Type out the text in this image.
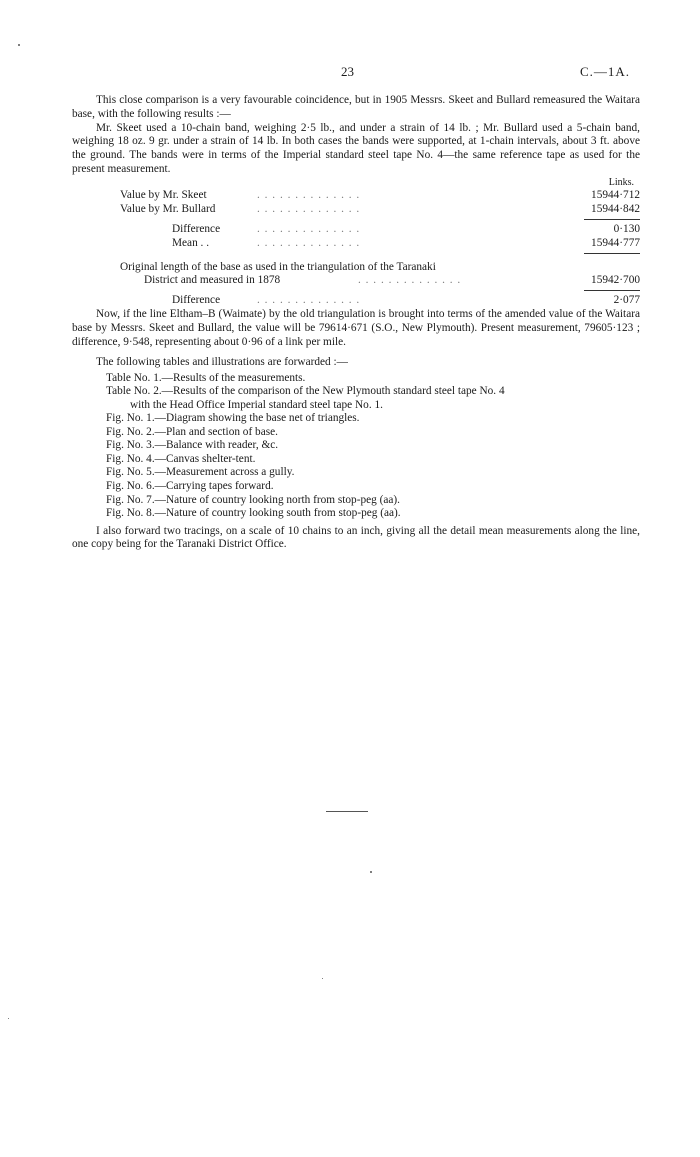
23	C.—1A.

This close comparison is a very favourable coincidence, but in 1905 Messrs. Skeet and Bullard remeasured the Waitara base, with the following results :—

Mr. Skeet used a 10-chain band, weighing 2·5 lb., and under a strain of 14 lb. ; Mr. Bullard used a 5-chain band, weighing 18 oz. 9 gr. under a strain of 14 lb. In both cases the bands were supported, at 1-chain intervals, about 3 ft. above the ground. The bands were in terms of the Imperial standard steel tape No. 4—the same reference tape as used for the present measurement.

Links.
Value by Mr. Skeet	. . . . . . . . . . . . . .	15944·712
Value by Mr. Bullard	. . . . . . . . . . . . . .	15944·842
Difference	. . . . . . . . . . . . . .	0·130
Mean . .	. . . . . . . . . . . . . .	15944·777
Original length of the base as used in the triangulation of the Taranaki
District and measured in 1878	. . . . . . . . . . . . . .	15942·700
Difference	. . . . . . . . . . . . . .	2·077

Now, if the line Eltham–B (Waimate) by the old triangulation is brought into terms of the amended value of the Waitara base by Messrs. Skeet and Bullard, the value will be 79614·671 (S.O., New Plymouth). Present measurement, 79605·123 ; difference, 9·548, representing about 0·96 of a link per mile.

The following tables and illustrations are forwarded :—

Table No. 1.—Results of the measurements.
Table No. 2.—Results of the comparison of the New Plymouth standard steel tape No. 4
with the Head Office Imperial standard steel tape No. 1.
Fig. No. 1.—Diagram showing the base net of triangles.
Fig. No. 2.—Plan and section of base.
Fig. No. 3.—Balance with reader, &c.
Fig. No. 4.—Canvas shelter-tent.
Fig. No. 5.—Measurement across a gully.
Fig. No. 6.—Carrying tapes forward.
Fig. No. 7.—Nature of country looking north from stop-peg (aa).
Fig. No. 8.—Nature of country looking south from stop-peg (aa).

I also forward two tracings, on a scale of 10 chains to an inch, giving all the detail mean measurements along the line, one copy being for the Taranaki District Office.
